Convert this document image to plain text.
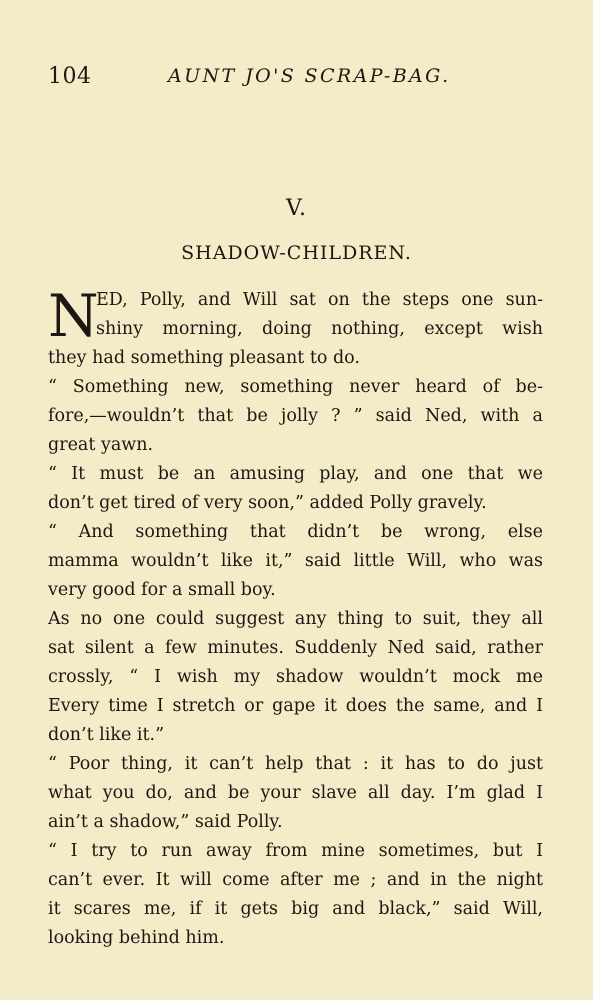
104	AUNT JO'S SCRAP-BAG.
V.
SHADOW-CHILDREN.
N
ED, Polly, and Will sat on the steps one sun-
shiny morning, doing nothing, except wish
they had something pleasant to do.
“ Something new, something never heard of be-
fore,—wouldn’t that be jolly ? ” said Ned, with a
great yawn.
“ It must be an amusing play, and one that we
don’t get tired of very soon,” added Polly gravely.
“ And something that didn’t be wrong, else
mamma wouldn’t like it,” said little Will, who was
very good for a small boy.
As no one could suggest any thing to suit, they all
sat silent a few minutes. Suddenly Ned said, rather
crossly, “ I wish my shadow wouldn’t mock me
Every time I stretch or gape it does the same, and I
don’t like it.”
“ Poor thing, it can’t help that : it has to do just
what you do, and be your slave all day. I’m glad I
ain’t a shadow,” said Polly.
“ I try to run away from mine sometimes, but I
can’t ever. It will come after me ; and in the night
it scares me, if it gets big and black,” said Will,
looking behind him.
